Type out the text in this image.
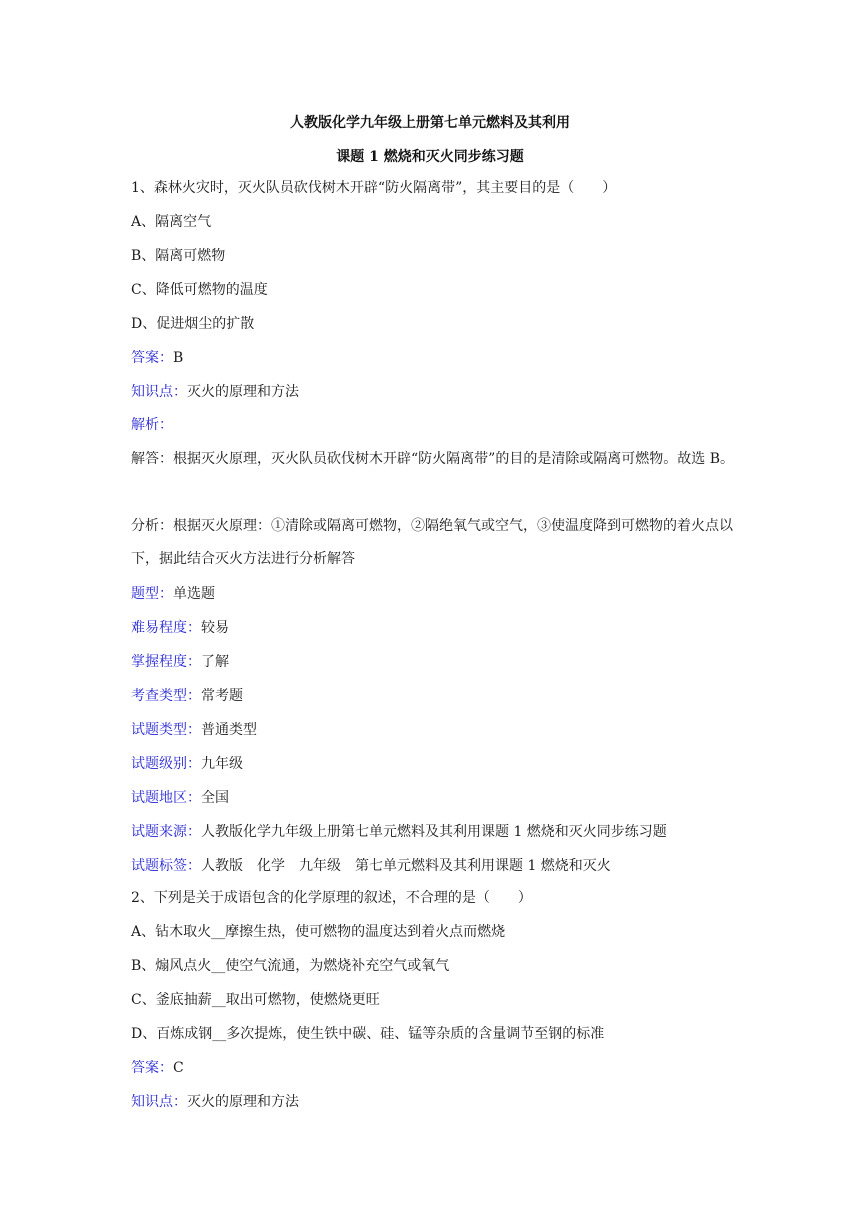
人教版化学九年级上册第七单元燃料及其利用
课题 1 燃烧和灭火同步练习题
1、森林火灾时，灭火队员砍伐树木开辟“防火隔离带”，其主要目的是（　　）
A、隔离空气
B、隔离可燃物
C、降低可燃物的温度
D、促进烟尘的扩散
答案：B
知识点：灭火的原理和方法
解析：
解答：根据灭火原理，灭火队员砍伐树木开辟“防火隔离带”的目的是清除或隔离可燃物。故选 B。
分析：根据灭火原理：①清除或隔离可燃物，②隔绝氧气或空气，③使温度降到可燃物的着火点以下，据此结合灭火方法进行分析解答
题型：单选题
难易程度：较易
掌握程度：了解
考查类型：常考题
试题类型：普通类型
试题级别：九年级
试题地区：全国
试题来源：人教版化学九年级上册第七单元燃料及其利用课题 1 燃烧和灭火同步练习题
试题标签：人教版　化学　九年级　第七单元燃料及其利用课题 1 燃烧和灭火
2、下列是关于成语包含的化学原理的叙述，不合理的是（　　）
A、钻木取火__摩擦生热，使可燃物的温度达到着火点而燃烧
B、煽风点火__使空气流通，为燃烧补充空气或氧气
C、釜底抽薪__取出可燃物，使燃烧更旺
D、百炼成钢__多次提炼，使生铁中碳、硅、锰等杂质的含量调节至钢的标准
答案：C
知识点：灭火的原理和方法
